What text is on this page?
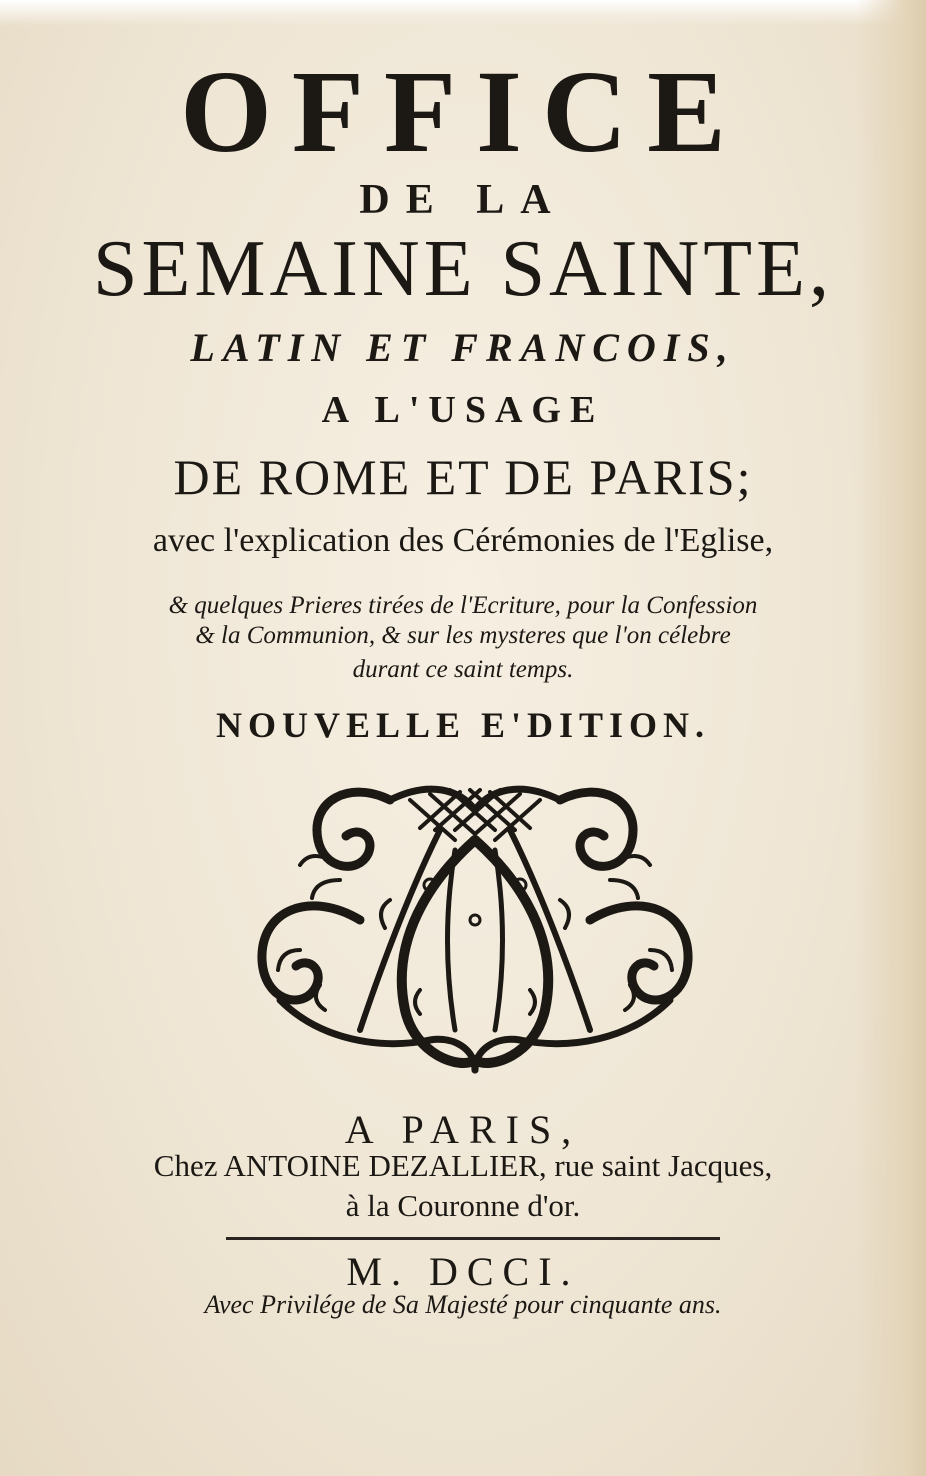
OFFICE
DE LA
SEMAINE SAINTE,
LATIN ET FRANCOIS,
A L'USAGE
DE ROME ET DE PARIS;
avec l'explication des Cérémonies de l'Eglise,
& quelques Prieres tirées de l'Ecriture, pour la Confession
& la Communion, & sur les mysteres que l'on célebre
durant ce saint temps.
NOUVELLE E'DITION.
A PARIS,
Chez ANTOINE DEZALLIER, rue saint Jacques,
à la Couronne d'or.
M. DCCI.
Avec Privilége de Sa Majesté pour cinquante ans.
